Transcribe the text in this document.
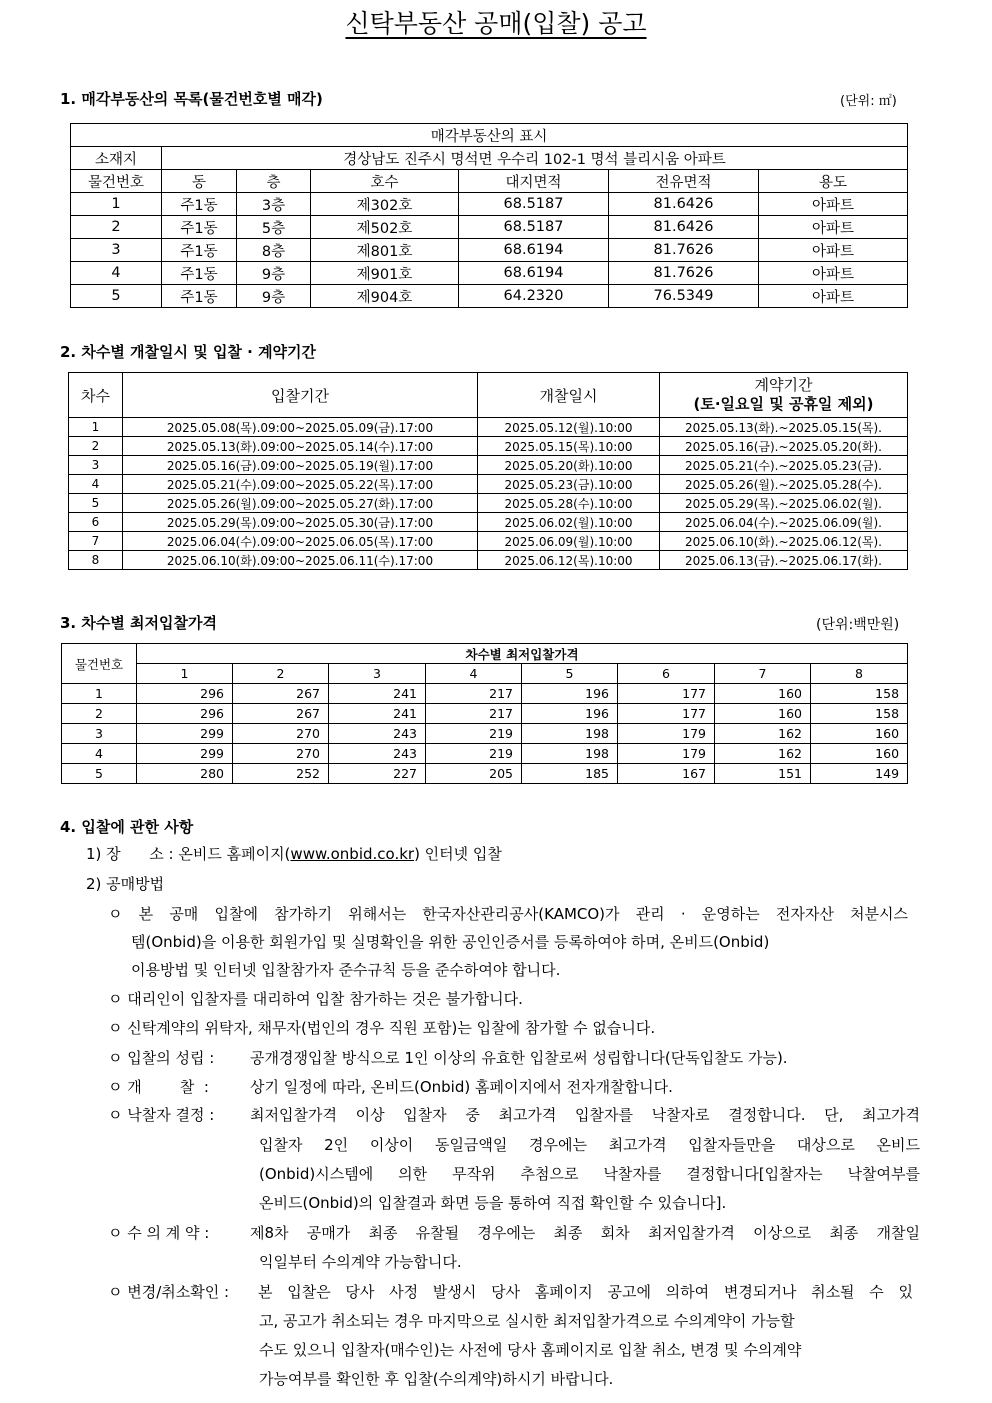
신탁부동산 공매(입찰) 공고
1. 매각부동산의 목록(물건번호별 매각)	(단위: ㎡)
매각부동산의 표시						
소재지	경상남도 진주시 명석면 우수리 102-1 명석 블리시움 아파트					
물건번호	동	층	호수	대지면적	전유면적	용도
1	주1동	3층	제302호	68.5187	81.6426	아파트
2	주1동	5층	제502호	68.5187	81.6426	아파트
3	주1동	8층	제801호	68.6194	81.7626	아파트
4	주1동	9층	제901호	68.6194	81.7626	아파트
5	주1동	9층	제904호	64.2320	76.5349	아파트
2. 차수별 개찰일시 및 입찰 · 계약기간
차수	입찰기간	개찰일시	계약기간
(토·일요일 및 공휴일 제외)

1	2025.05.08(목).09:00~2025.05.09(금).17:00	2025.05.12(월).10:00	2025.05.13(화).~2025.05.15(목).
2	2025.05.13(화).09:00~2025.05.14(수).17:00	2025.05.15(목).10:00	2025.05.16(금).~2025.05.20(화).
3	2025.05.16(금).09:00~2025.05.19(월).17:00	2025.05.20(화).10:00	2025.05.21(수).~2025.05.23(금).
4	2025.05.21(수).09:00~2025.05.22(목).17:00	2025.05.23(금).10:00	2025.05.26(월).~2025.05.28(수).
5	2025.05.26(월).09:00~2025.05.27(화).17:00	2025.05.28(수).10:00	2025.05.29(목).~2025.06.02(월).
6	2025.05.29(목).09:00~2025.05.30(금).17:00	2025.06.02(월).10:00	2025.06.04(수).~2025.06.09(월).
7	2025.06.04(수).09:00~2025.06.05(목).17:00	2025.06.09(월).10:00	2025.06.10(화).~2025.06.12(목).
8	2025.06.10(화).09:00~2025.06.11(수).17:00	2025.06.12(목).10:00	2025.06.13(금).~2025.06.17(화).
3. 차수별 최저입찰가격	(단위:백만원)
물건번호	차수별 최저입찰가격							
	1	2	3	4	5	6	7	8
1	296	267	241	217	196	177	160	158
2	296	267	241	217	196	177	160	158
3	299	270	243	219	198	179	162	160
4	299	270	243	219	198	179	162	160
5	280	252	227	205	185	167	151	149
4. 입찰에 관한 사항
1) 장      소 : 온비드 홈페이지(www.onbid.co.kr) 인터넷 입찰
2) 공매방법
ㅇ 본 공매 입찰에 참가하기 위해서는 한국자산관리공사(KAMCO)가 관리 · 운영하는 전자자산 처분시스
템(Onbid)을 이용한 회원가입 및 실명확인을 위한 공인인증서를 등록하여야 하며, 온비드(Onbid)
이용방법 및 인터넷 입찰참가자 준수규칙 등을 준수하여야 합니다.
ㅇ 대리인이 입찰자를 대리하여 입찰 참가하는 것은 불가합니다.
ㅇ 신탁계약의 위탁자, 채무자(법인의 경우 직원 포함)는 입찰에 참가할 수 없습니다.
ㅇ 입찰의 성립 : 공개경쟁입찰 방식으로 1인 이상의 유효한 입찰로써 성립합니다(단독입찰도 가능).
ㅇ 개        찰  :	상기 일정에 따라, 온비드(Onbid) 홈페이지에서 전자개찰합니다.
ㅇ 낙찰자 결정 : 최저입찰가격 이상 입찰자 중 최고가격 입찰자를 낙찰자로 결정합니다. 단, 최고가격
입찰자 2인 이상이 동일금액일 경우에는 최고가격 입찰자들만을 대상으로 온비드
(Onbid)시스템에 의한 무작위 추첨으로 낙찰자를 결정합니다[입찰자는 낙찰여부를
온비드(Onbid)의 입찰결과 화면 등을 통하여 직접 확인할 수 있습니다].
ㅇ 수 의 계 약 :	제8차 공매가 최종 유찰될 경우에는 최종 회차 최저입찰가격 이상으로 최종 개찰일
익일부터 수의계약 가능합니다.
ㅇ 변경/취소확인 : 본 입찰은 당사 사정 발생시 당사 홈페이지 공고에 의하여 변경되거나 취소될 수 있
고, 공고가 취소되는 경우 마지막으로 실시한 최저입찰가격으로 수의계약이 가능할
수도 있으니 입찰자(매수인)는 사전에 당사 홈페이지로 입찰 취소, 변경 및 수의계약
가능여부를 확인한 후 입찰(수의계약)하시기 바랍니다.
